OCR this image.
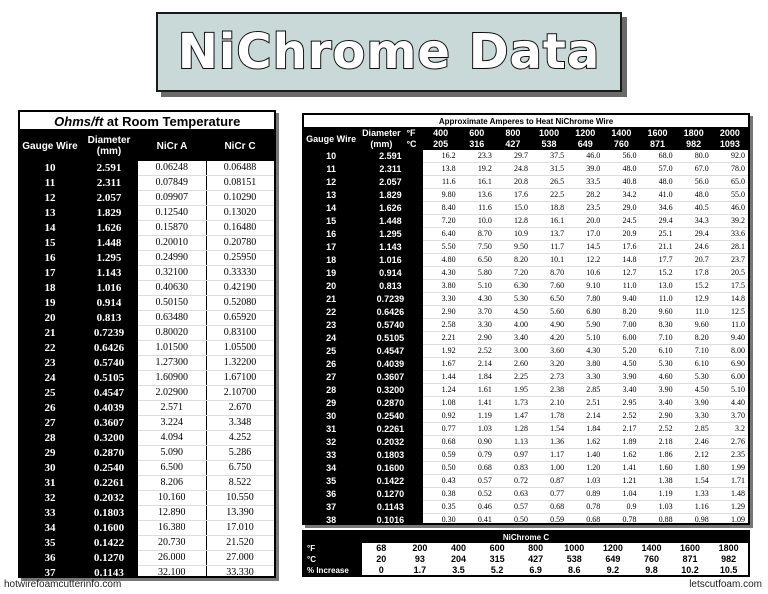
NiChrome Data
Ohms/ft at Room Temperature
Gauge Wire	Diameter (mm)	NiCr A	NiCr C
10	2.591	0.06248	0.06488
11	2.311	0.07849	0.08151
12	2.057	0.09907	0.10290
13	1.829	0.12540	0.13020
14	1.626	0.15870	0.16480
15	1.448	0.20010	0.20780
16	1.295	0.24990	0.25950
17	1.143	0.32100	0.33330
18	1.016	0.40630	0.42190
19	0.914	0.50150	0.52080
20	0.813	0.63480	0.65920
21	0.7239	0.80020	0.83100
22	0.6426	1.01500	1.05500
23	0.5740	1.27300	1.32200
24	0.5105	1.60900	1.67100
25	0.4547	2.02900	2.10700
26	0.4039	2.571	2.670
27	0.3607	3.224	3.348
28	0.3200	4.094	4.252
29	0.2870	5.090	5.286
30	0.2540	6.500	6.750
31	0.2261	8.206	8.522
32	0.2032	10.160	10.550
33	0.1803	12.890	13.390
34	0.1600	16.380	17.010
35	0.1422	20.730	21.520
36	0.1270	26.000	27.000
37	0.1143	32.100	33.330

Approximate Amperes to Heat NiChrome Wire
Gauge Wire	Diameter (mm)	°F	400	600	800	1000	1200	1400	1600	1800	2000
		°C	205	316	427	538	649	760	871	982	1093
10	2.591		16.2	23.3	29.7	37.5	46.0	56.0	68.0	80.0	92.0
11	2.311		13.8	19.2	24.8	31.5	39.0	48.0	57.0	67.0	78.0
12	2.057		11.6	16.1	20.8	26.5	33.5	40.8	48.0	56.0	65.0
13	1.829		9.80	13.6	17.6	22.5	28.2	34.2	41.0	48.0	55.0
14	1.626		8.40	11.6	15.0	18.8	23.5	29.0	34.6	40.5	46.0
15	1.448		7.20	10.0	12.8	16.1	20.0	24.5	29.4	34.3	39.2
16	1.295		6.40	8.70	10.9	13.7	17.0	20.9	25.1	29.4	33.6
17	1.143		5.50	7.50	9.50	11.7	14.5	17.6	21.1	24.6	28.1
18	1.016		4.80	6.50	8.20	10.1	12.2	14.8	17.7	20.7	23.7
19	0.914		4.30	5.80	7.20	8.70	10.6	12.7	15.2	17.8	20.5
20	0.813		3.80	5.10	6.30	7.60	9.10	11.0	13.0	15.2	17.5
21	0.7239		3.30	4.30	5.30	6.50	7.80	9.40	11.0	12.9	14.8
22	0.6426		2.90	3.70	4.50	5.60	6.80	8.20	9.60	11.0	12.5
23	0.5740		2.58	3.30	4.00	4.90	5.90	7.00	8.30	9.60	11.0
24	0.5105		2.21	2.90	3.40	4.20	5.10	6.00	7.10	8.20	9.40
25	0.4547		1.92	2.52	3.00	3.60	4.30	5.20	6.10	7.10	8.00
26	0.4039		1.67	2.14	2.60	3.20	3.80	4.50	5.30	6.10	6.90
27	0.3607		1.44	1.84	2.25	2.73	3.30	3.90	4.60	5.30	6.00
28	0.3200		1.24	1.61	1.95	2.38	2.85	3.40	3.90	4.50	5.10
29	0.2870		1.08	1.41	1.73	2.10	2.51	2.95	3.40	3.90	4.40
30	0.2540		0.92	1.19	1.47	1.78	2.14	2.52	2.90	3.30	3.70
31	0.2261		0.77	1.03	1.28	1.54	1.84	2.17	2.52	2.85	3.2
32	0.2032		0.68	0.90	1.13	1.36	1.62	1.89	2.18	2.46	2.76
33	0.1803		0.59	0.79	0.97	1.17	1.40	1.62	1.86	2.12	2.35
34	0.1600		0.50	0.68	0.83	1.00	1.20	1.41	1.60	1.80	1.99
35	0.1422		0.43	0.57	0.72	0.87	1.03	1.21	1.38	1.54	1.71
36	0.1270		0.38	0.52	0.63	0.77	0.89	1.04	1.19	1.33	1.48
37	0.1143		0.35	0.46	0.57	0.68	0.78	0.9	1.03	1.16	1.29
38	0.1016		0.30	0.41	0.50	0.59	0.68	0.78	0.88	0.98	1.09

NiChrome C
°F	68	200	400	600	800	1000	1200	1400	1600	1800
°C	20	93	204	315	427	538	649	760	871	982
% Increase	0	1.7	3.5	5.2	6.9	8.6	9.2	9.8	10.2	10.5
hotwirefoamcutterinfo.com	letscutfoam.com
